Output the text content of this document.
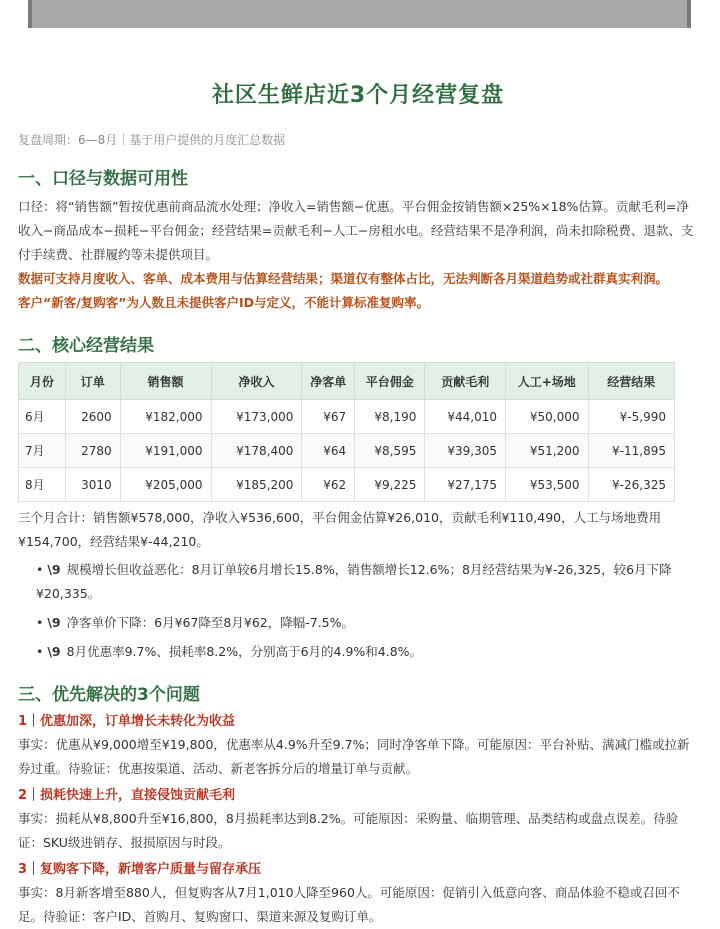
社区生鲜店近3个月经营复盘
复盘周期：6—8月｜基于用户提供的月度汇总数据
一、口径与数据可用性

口径：将“销售额”暂按优惠前商品流水处理；净收入=销售额−优惠。平台佣金按销售额×25%×18%估算。贡献毛利=净收入−商品成本−损耗−平台佣金；经营结果=贡献毛利−人工−房租水电。经营结果不是净利润，尚未扣除税费、退款、支付手续费、社群履约等未提供项目。

数据可支持月度收入、客单、成本费用与估算经营结果；渠道仅有整体占比，无法判断各月渠道趋势或社群真实利润。

客户“新客/复购客”为人数且未提供客户ID与定义，不能计算标准复购率。

二、核心经营结果
月份	订单	销售额	净收入	净客单	平台佣金	贡献毛利	人工+场地	经营结果
6月	2600	¥182,000	¥173,000	¥67	¥8,190	¥44,010	¥50,000	¥-5,990
7月	2780	¥191,000	¥178,400	¥64	¥8,595	¥39,305	¥51,200	¥-11,895
8月	3010	¥205,000	¥185,200	¥62	¥9,225	¥27,175	¥53,500	¥-26,325

三个月合计：销售额¥578,000，净收入¥536,600，平台佣金估算¥26,010，贡献毛利¥110,490，人工与场地费用¥154,700，经营结果¥-44,210。

• \9 规模增长但收益恶化：8月订单较6月增长15.8%，销售额增长12.6%；8月经营结果为¥-26,325，较6月下降¥20,335。
• \9 净客单价下降：6月¥67降至8月¥62，降幅-7.5%。
• \9 8月优惠率9.7%、损耗率8.2%，分别高于6月的4.9%和4.8%。
三、优先解决的3个问题
1｜优惠加深，订单增长未转化为收益
事实：优惠从¥9,000增至¥19,800，优惠率从4.9%升至9.7%；同时净客单下降。可能原因：平台补贴、满减门槛或拉新券过重。待验证：优惠按渠道、活动、新老客拆分后的增量订单与贡献。
2｜损耗快速上升，直接侵蚀贡献毛利
事实：损耗从¥8,800升至¥16,800，8月损耗率达到8.2%。可能原因：采购量、临期管理、品类结构或盘点误差。待验证：SKU级进销存、报损原因与时段。
3｜复购客下降，新增客户质量与留存承压
事实：8月新客增至880人，但复购客从7月1,010人降至960人。可能原因：促销引入低意向客、商品体验不稳或召回不足。待验证：客户ID、首购月、复购窗口、渠道来源及复购订单。
